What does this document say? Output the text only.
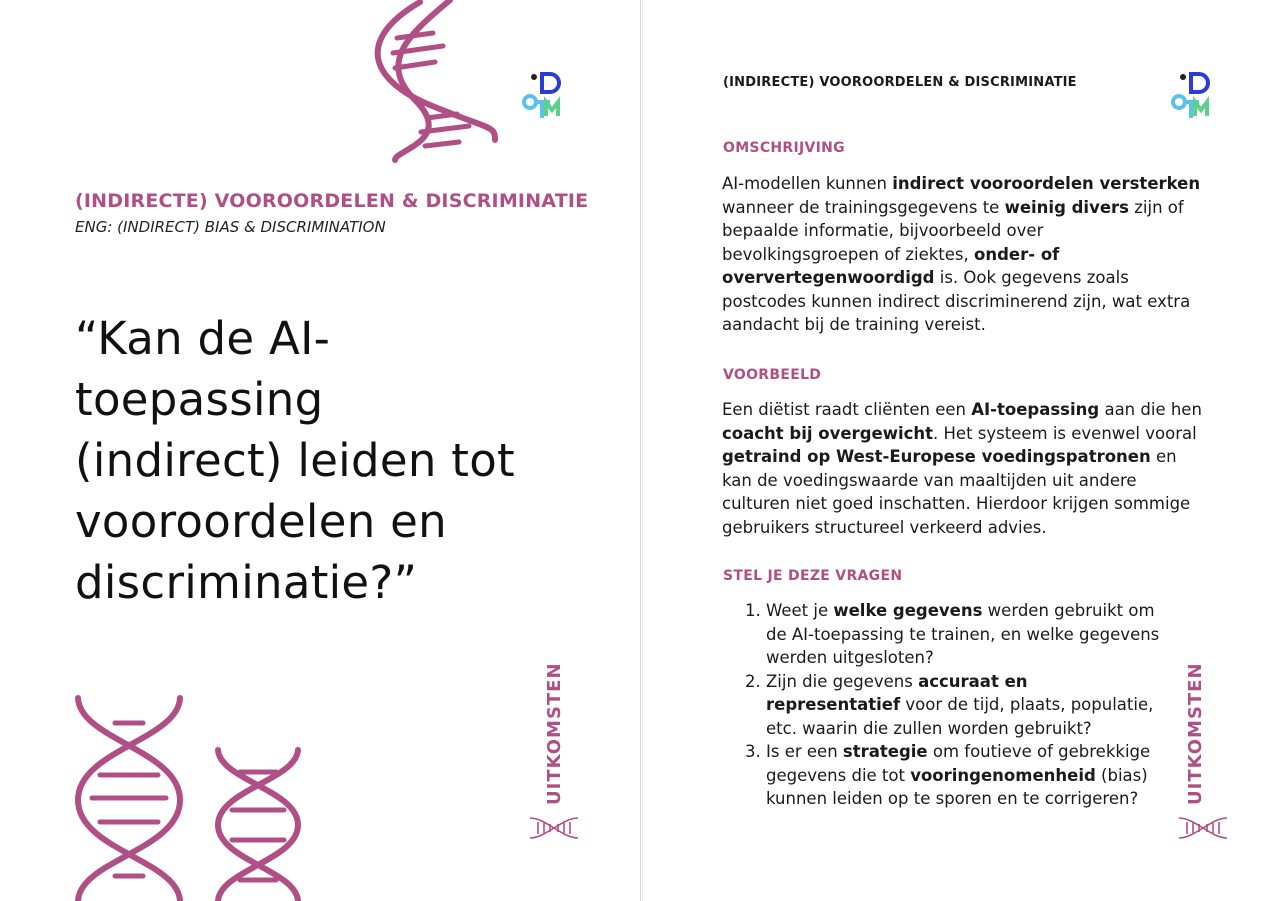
(INDIRECTE) VOOROORDELEN & DISCRIMINATIE
ENG: (INDIRECT) BIAS & DISCRIMINATION
“Kan de AI-toepassing (indirect) leiden tot vooroordelen en discriminatie?”
UITKOMSTEN
(INDIRECTE) VOOROORDELEN & DISCRIMINATIE
OMSCHRIJVING
AI-modellen kunnen indirect vooroordelen versterken wanneer de trainingsgegevens te weinig divers zijn of bepaalde informatie, bijvoorbeeld over bevolkingsgroepen of ziektes, onder- of oververtegenwoordigd is. Ook gegevens zoals postcodes kunnen indirect discriminerend zijn, wat extra aandacht bij de training vereist.
VOORBEELD
Een diëtist raadt cliënten een AI-toepassing aan die hen coacht bij overgewicht. Het systeem is evenwel vooral getraind op West-Europese voedingspatronen en kan de voedingswaarde van maaltijden uit andere culturen niet goed inschatten. Hierdoor krijgen sommige gebruikers structureel verkeerd advies.
STEL JE DEZE VRAGEN
1. Weet je welke gegevens werden gebruikt om de AI-toepassing te trainen, en welke gegevens werden uitgesloten?
2. Zijn die gegevens accuraat en representatief voor de tijd, plaats, populatie, etc. waarin die zullen worden gebruikt?
3. Is er een strategie om foutieve of gebrekkige gegevens die tot vooringenomenheid (bias) kunnen leiden op te sporen en te corrigeren?	UITKOMSTEN
